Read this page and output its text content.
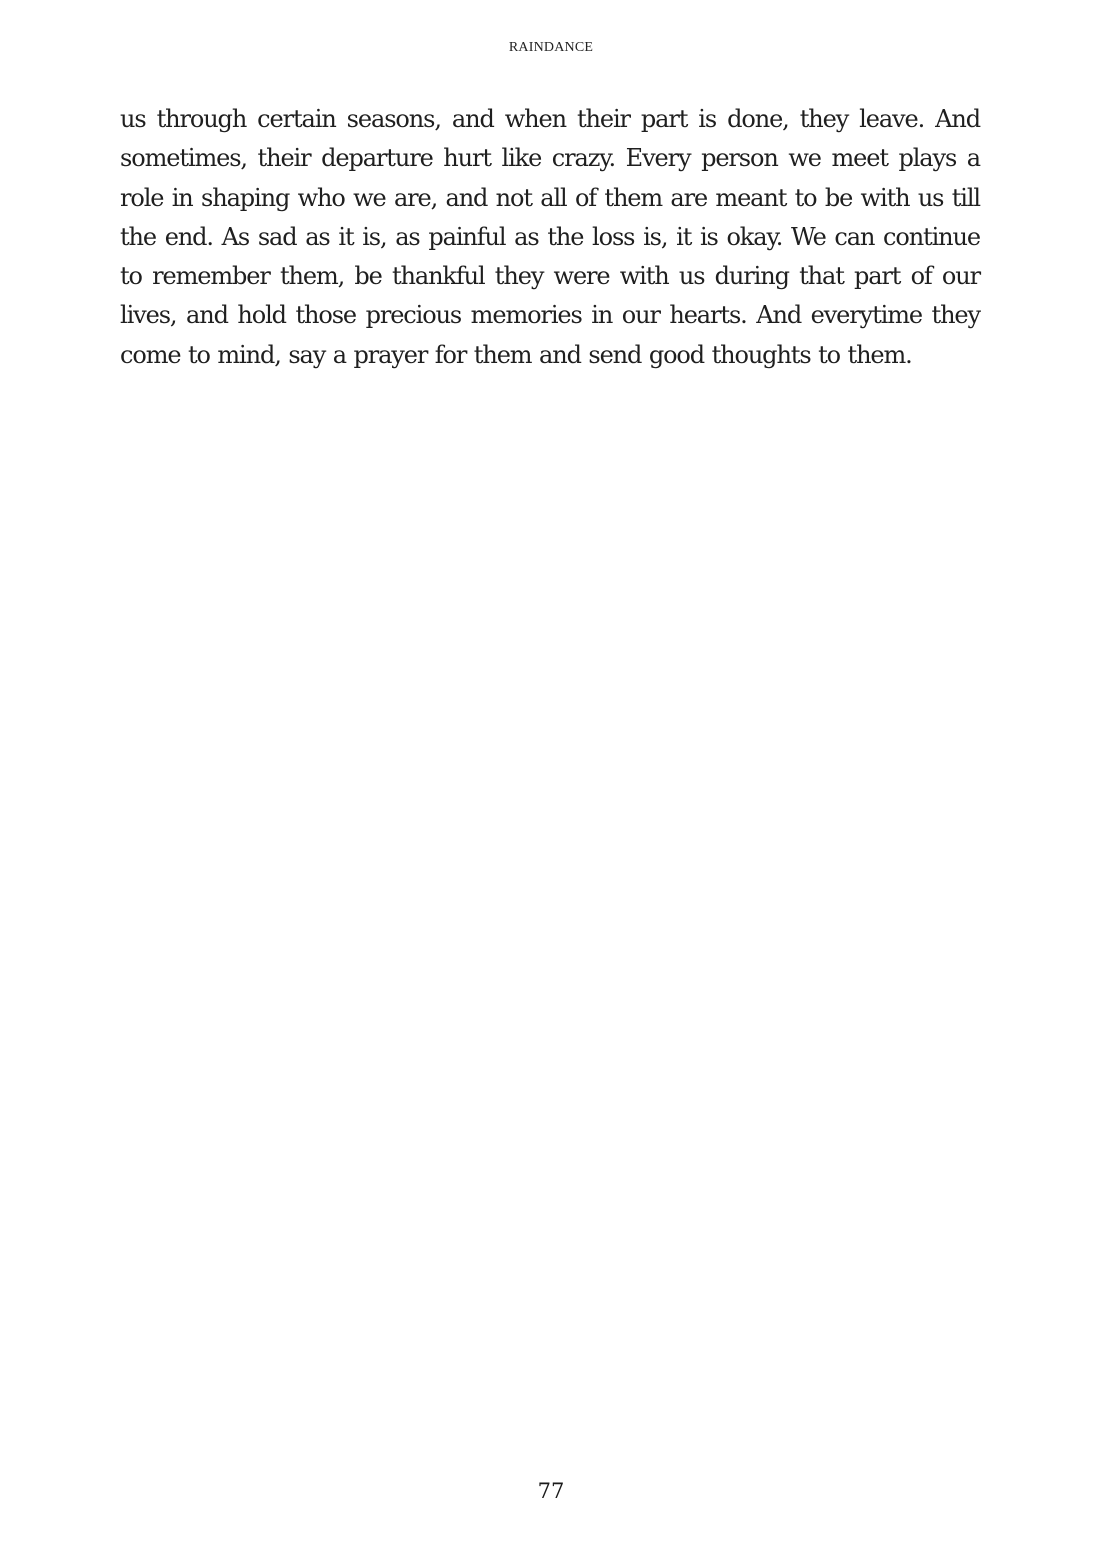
RAINDANCE

us through certain seasons, and when their part is done, they leave. And sometimes, their departure hurt like crazy. Every person we meet plays a role in shaping who we are, and not all of them are meant to be with us till the end. As sad as it is, as painful as the loss is, it is okay. We can continue to remember them, be thankful they were with us during that part of our lives, and hold those precious memories in our hearts. And everytime they come to mind, say a prayer for them and send good thoughts to them.

77
